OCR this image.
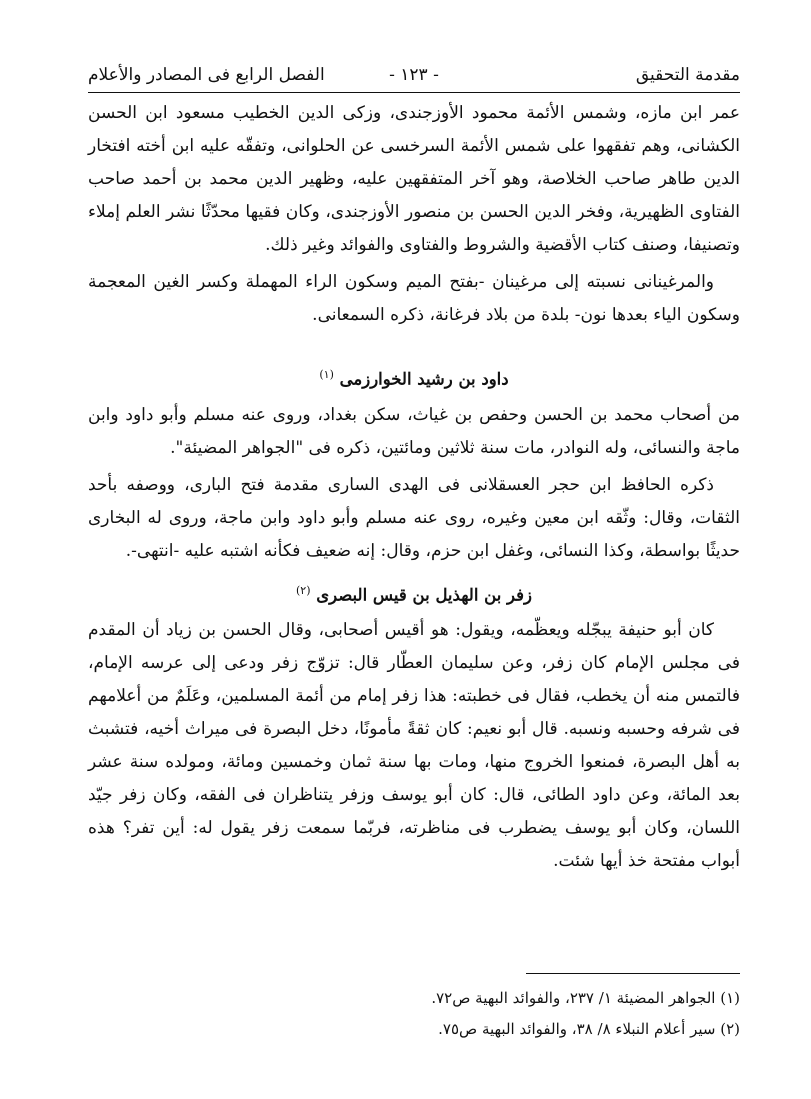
مقدمة التحقيق
- ١٢٣ -
الفصل الرابع فى المصادر والأعلام

عمر ابن مازه، وشمس الأئمة محمود الأوزجندى، وزكى الدين الخطيب مسعود ابن الحسن الكشانى، وهم تفقهوا على شمس الأئمة السرخسى عن الحلوانى، وتفقّه عليه ابن أخته افتخار الدين طاهر صاحب الخلاصة، وهو آخر المتفقهين عليه، وظهير الدين محمد بن أحمد صاحب الفتاوى الظهيرية، وفخر الدين الحسن بن منصور الأوزجندى، وكان فقيها محدّثًا نشر العلم إملاء وتصنيفا، وصنف كتاب الأقضية والشروط والفتاوى والفوائد وغير ذلك.

والمرغينانى نسبته إلى مرغينان -بفتح الميم وسكون الراء المهملة وكسر الغين المعجمة وسكون الياء بعدها نون- بلدة من بلاد فرغانة، ذكره السمعانى.

داود بن رشيد الخوارزمى $^{(١)}$

من أصحاب محمد بن الحسن وحفص بن غياث، سكن بغداد، وروى عنه مسلم وأبو داود وابن ماجة والنسائى، وله النوادر، مات سنة ثلاثين ومائتين، ذكره فى "الجواهر المضيئة".

ذكره الحافظ ابن حجر العسقلانى فى الهدى السارى مقدمة فتح البارى، ووصفه بأحد الثقات، وقال: وثّقه ابن معين وغيره، روى عنه مسلم وأبو داود وابن ماجة، وروى له البخارى حديثًا بواسطة، وكذا النسائى، وغفل ابن حزم، وقال: إنه ضعيف فكأنه اشتبه عليه -انتهى-.

زفر بن الهذيل بن قيس البصرى $^{(٢)}$

كان أبو حنيفة يبجّله ويعظّمه، ويقول: هو أقيس أصحابى، وقال الحسن بن زياد أن المقدم فى مجلس الإمام كان زفر، وعن سليمان العطّار قال: تزوّج زفر ودعى إلى عرسه الإمام، فالتمس منه أن يخطب، فقال فى خطبته: هذا زفر إمام من أئمة المسلمين، وعَلَمٌ من أعلامهم فى شرفه وحسبه ونسبه. قال أبو نعيم: كان ثقةً مأمونًا، دخل البصرة فى ميراث أخيه، فتشبث به أهل البصرة، فمنعوا الخروج منها، ومات بها سنة ثمان وخمسين ومائة، ومولده سنة عشر بعد المائة، وعن داود الطائى، قال: كان أبو يوسف وزفر يتناظران فى الفقه، وكان زفر جيّد اللسان، وكان أبو يوسف يضطرب فى مناظرته، فربّما سمعت زفر يقول له: أين تفر؟ هذه أبواب مفتحة خذ أيها شئت.

(١) الجواهر المضيئة ١/ ٢٣٧، والفوائد البهية ص٧٢.
(٢) سير أعلام النبلاء ٨/ ٣٨، والفوائد البهية ص٧٥.
